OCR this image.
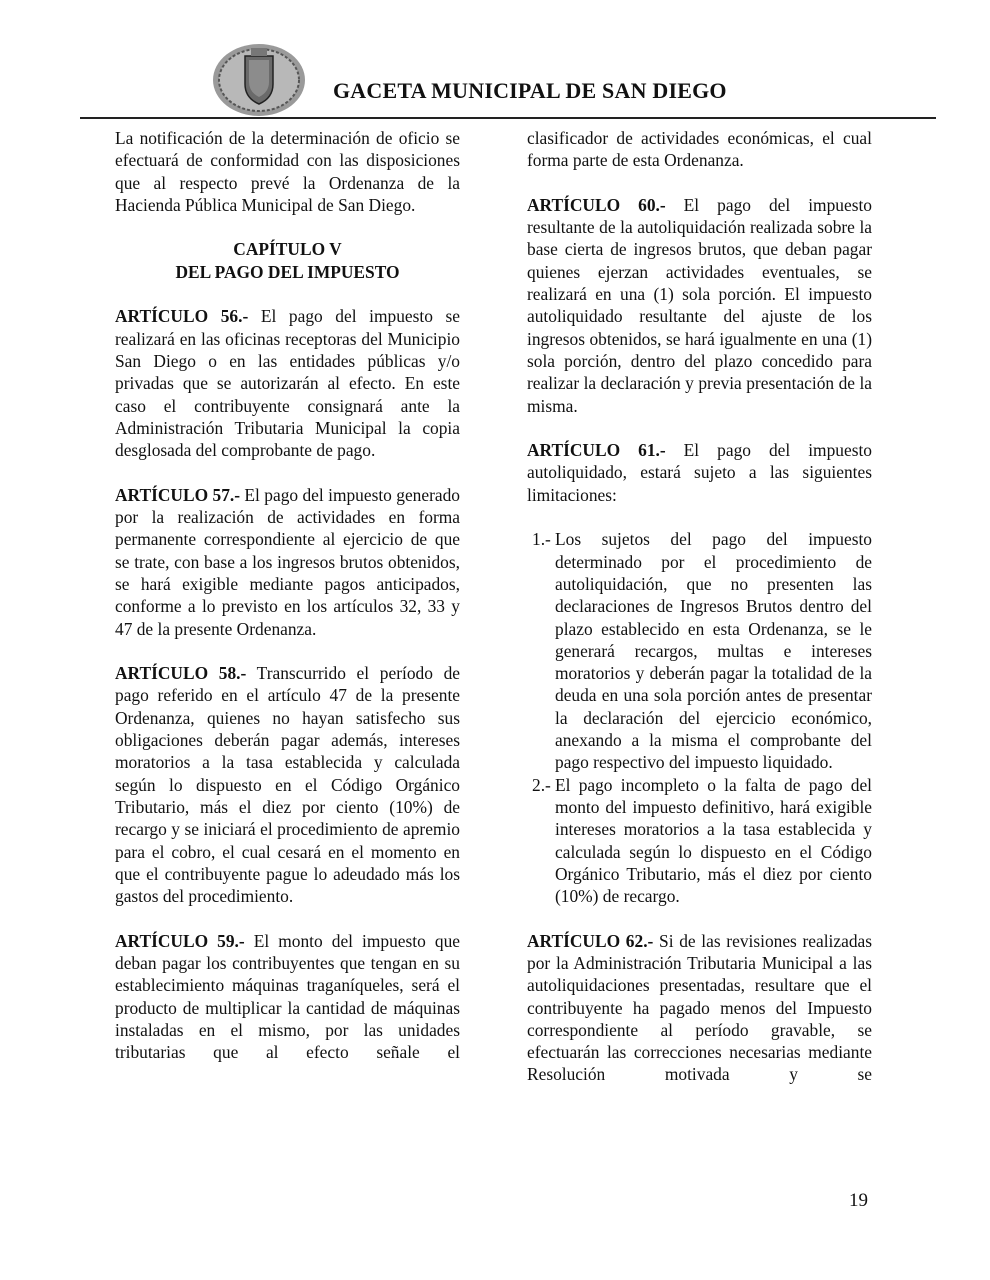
GACETA MUNICIPAL DE SAN DIEGO

La notificación de la determinación de oficio se efectuará de conformidad con las disposiciones que al respecto prevé la Ordenanza de la Hacienda Pública Municipal de San Diego.

CAPÍTULO V
DEL PAGO DEL IMPUESTO

ARTÍCULO 56.- El pago del impuesto se realizará en las oficinas receptoras del Municipio San Diego o en las entidades públicas y/o privadas que se autorizarán al efecto. En este caso el contribuyente consignará ante la Administración Tributaria Municipal la copia desglosada del comprobante de pago.

ARTÍCULO 57.- El pago del impuesto generado por la realización de actividades en forma permanente correspondiente al ejercicio de que se trate, con base a los ingresos brutos obtenidos, se hará exigible mediante pagos anticipados, conforme a lo previsto en los artículos 32, 33 y 47 de la presente Ordenanza.

ARTÍCULO 58.- Transcurrido el período de pago referido en el artículo 47 de la presente Ordenanza, quienes no hayan satisfecho sus obligaciones deberán pagar además, intereses moratorios a la tasa establecida y calculada según lo dispuesto en el Código Orgánico Tributario, más el diez por ciento (10%) de recargo y se iniciará el procedimiento de apremio para el cobro, el cual cesará en el momento en que el contribuyente pague lo adeudado más los gastos del procedimiento.

ARTÍCULO 59.- El monto del impuesto que deban pagar los contribuyentes que tengan en su establecimiento máquinas traganíqueles, será el producto de multiplicar la cantidad de máquinas instaladas en el mismo, por las unidades tributarias que al efecto señale el

clasificador de actividades económicas, el cual forma parte de esta Ordenanza.

ARTÍCULO 60.- El pago del impuesto resultante de la autoliquidación realizada sobre la base cierta de ingresos brutos, que deban pagar quienes ejerzan actividades eventuales, se realizará en una (1) sola porción. El impuesto autoliquidado resultante del ajuste de los ingresos obtenidos, se hará igualmente en una (1) sola porción, dentro del plazo concedido para realizar la declaración y previa presentación de la misma.

ARTÍCULO 61.- El pago del impuesto autoliquidado, estará sujeto a las siguientes limitaciones:

1.- Los sujetos del pago del impuesto determinado por el procedimiento de autoliquidación, que no presenten las declaraciones de Ingresos Brutos dentro del plazo establecido en esta Ordenanza, se le generará recargos, multas e intereses moratorios y deberán pagar la totalidad de la deuda en una sola porción antes de presentar la declaración del ejercicio económico, anexando a la misma el comprobante del pago respectivo del impuesto liquidado.
2.- El pago incompleto o la falta de pago del monto del impuesto definitivo, hará exigible intereses moratorios a la tasa establecida y calculada según lo dispuesto en el Código Orgánico Tributario, más el diez por ciento (10%) de recargo.

ARTÍCULO 62.- Si de las revisiones realizadas por la Administración Tributaria Municipal a las autoliquidaciones presentadas, resultare que el contribuyente ha pagado menos del Impuesto correspondiente al período gravable, se efectuarán las correcciones necesarias mediante Resolución motivada y se

19
